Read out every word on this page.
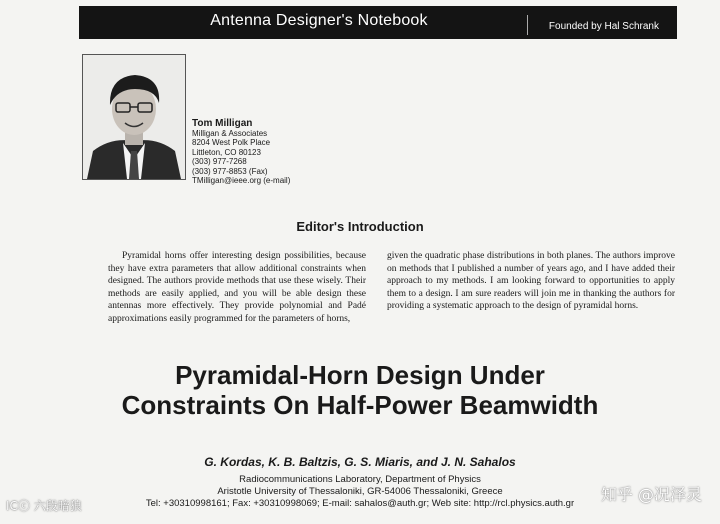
Antenna Designer's Notebook	Founded by Hal Schrank
Tom Milligan
Milligan & Associates
8204 West Polk Place
Littleton, CO 80123
(303) 977-7268
(303) 977-8853 (Fax)
TMilligan@ieee.org (e-mail)
Editor's Introduction
Pyramidal horns offer interesting design possibilities, because they have extra parameters that allow additional constraints when designed. The authors provide methods that use these wisely. Their methods are easily applied, and you will be able design these antennas more effectively. They provide polynomial and Padé approximations easily programmed for the parameters of horns,
given the quadratic phase distributions in both planes. The authors improve on methods that I published a number of years ago, and I have added their approach to my methods. I am looking forward to opportunities to apply them to a design. I am sure readers will join me in thanking the authors for providing a systematic approach to the design of pyramidal horns.
Pyramidal-Horn Design Under
Constraints On Half-Power Beamwidth
G. Kordas, K. B. Baltzis, G. S. Miaris, and J. N. Sahalos
Radiocommunications Laboratory, Department of Physics
Aristotle University of Thessaloniki, GR-54006 Thessaloniki, Greece
Tel: +30310998161; Fax: +30310998069; E-mail: sahalos@auth.gr; Web site: http://rcl.physics.auth.gr	知乎 @况泽灵
ICⓒ 六段暗狼
